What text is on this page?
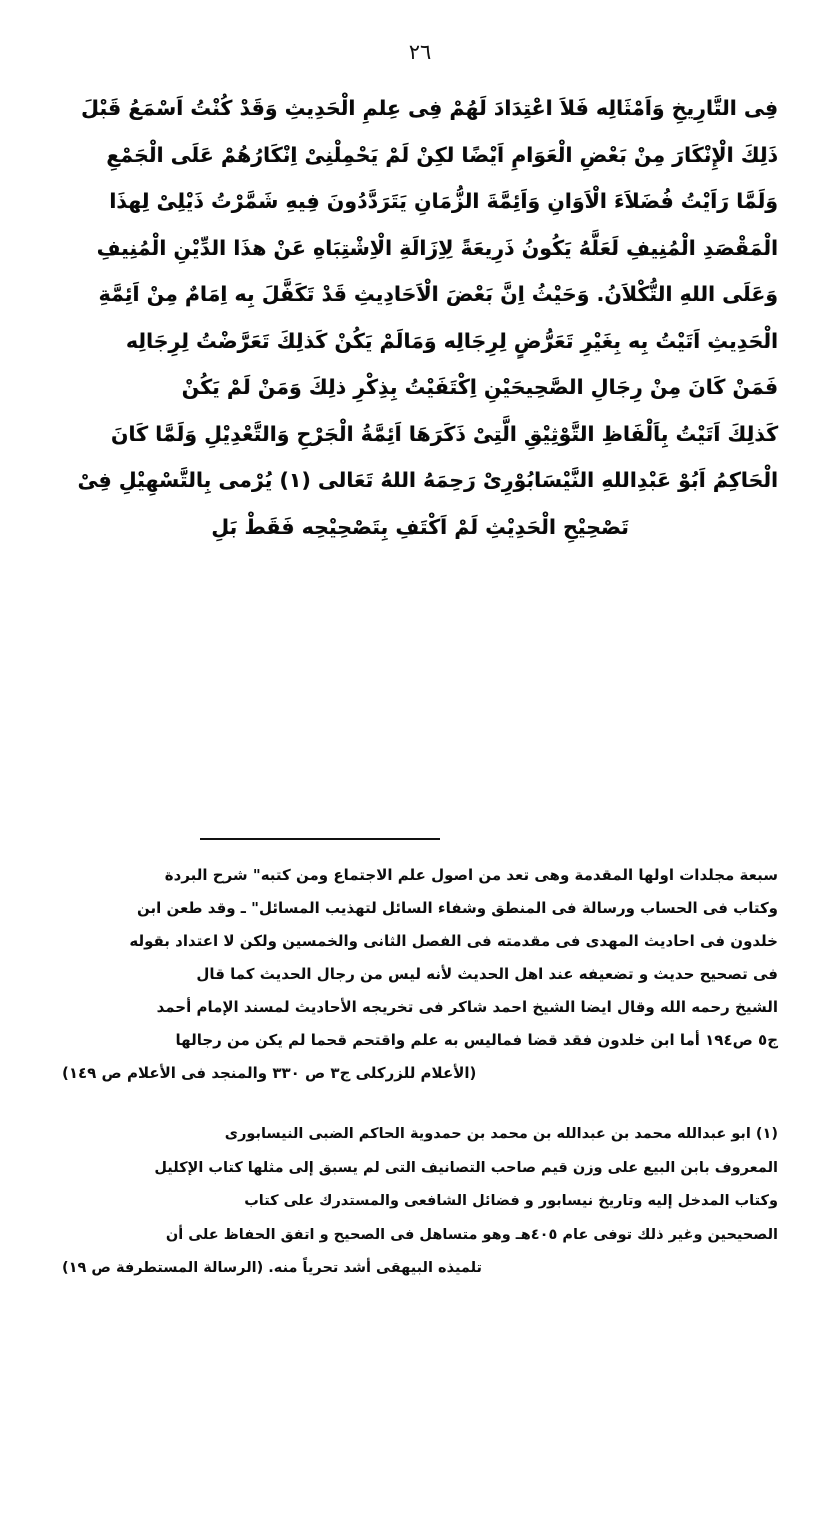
٢٦
فِى التَّارِيخِ وَاَمْثَالِه فَلاَ اعْتِدَادَ لَهُمْ فِى عِلمِ الْحَدِيثِ وَقَدْ كُنْتُ اَسْمَعُ قَبْلَ
ذَلِكَ الْإِنْكَارَ مِنْ بَعْضِ الْعَوَامِ اَيْضًا لكِنْ لَمْ يَحْمِلْنِىْ اِنْكَارُهُمْ عَلَى الْجَمْعِ
وَلَمَّا رَاَيْتُ فُضَلاَءَ الْاَوَانِ وَاَئِمَّةَ الزُّمَانِ يَتَرَدَّدُونَ فِيهِ شَمَّرْتُ ذَيْلِىْ لِهذَا
الْمَقْصَدِ الْمُنِيفِ لَعَلَّهُ يَكُونُ ذَرِيعَةً لِاِزَالَةِ الْاِشْتِبَاهِ عَنْ هذَا الدِّيْنِ الْمُنِيفِ
وَعَلَى اللهِ التُّكْلاَنُ. وَحَيْثُ اِنَّ بَعْضَ الْاَحَادِيثِ قَدْ تَكَفَّلَ بِه اِمَامٌ مِنْ اَئِمَّةِ
الْحَدِيثِ اَتَيْتُ بِه بِغَيْرِ تَعَرُّضٍ لِرِجَالِه وَمَالَمْ يَكُنْ كَذلِكَ تَعَرَّضْتُ لِرِجَالِه
فَمَنْ كَانَ مِنْ رِجَالِ الصَّحِيحَيْنِ اِكْتَفَيْتُ بِذِكْرِ ذلِكَ وَمَنْ لَمْ يَكُنْ
كَذلِكَ اَتَيْتُ بِاَلْفَاظِ التَّوْثِيْقِ الَّتِىْ ذَكَرَهَا اَئِمَّةُ الْجَرْحِ وَالتَّعْدِيْلِ وَلَمَّا كَانَ
الْحَاكِمُ اَبُوْ عَبْدِاللهِ النَّيْسَابُوْرِىْ رَحِمَهُ اللهُ تَعَالى (١) يُرْمى بِالتَّسْهِيْلِ فِىْ
تَصْحِيْحِ الْحَدِيْثِ لَمْ اَكْتَفِ بِتَصْحِيْحِه فَقَطْ بَلِ
سبعة مجلدات اولها المقدمة وهى تعد من اصول علم الاجتماع ومن كتبه" شرح البردة
وكتاب فى الحساب ورسالة فى المنطق وشفاء السائل لتهذيب المسائل" ـ وقد طعن ابن
خلدون فى احاديث المهدى فى مقدمته فى الفصل الثانى والخمسين ولكن لا اعتداد بقوله
فى تصحيح حديث و تضعيفه عند اهل الحديث لأنه ليس من رجال الحديث كما قال
الشيخ رحمه الله وقال ايضا الشيخ احمد شاكر فى تخريجه الأحاديث لمسند الإمام أحمد
ج٥ ص١٩٤ أما ابن خلدون فقد قضا فماليس به علم واقتحم قحما لم يكن من رجالها
(الأعلام للزركلى ج٣ ص ٣٣٠ والمنجد فى الأعلام ص ١٤٩)
(١) ابو عبدالله محمد بن عبدالله بن محمد بن حمدوية الحاكم الضبى النيسابورى
المعروف بابن البيع على وزن قيم صاحب التصانيف التى لم يسبق إلى مثلها كتاب الإكليل
وكتاب المدخل إليه وتاريخ نيسابور و فضائل الشافعى والمستدرك على كتاب
الصحيحين وغير ذلك توفى عام ٤٠٥هـ وهو متساهل فى الصحيح و اتفق الحفاظ على أن
تلميذه البيهقى أشد تحرياً منه. (الرسالة المستطرفة ص ١٩)
